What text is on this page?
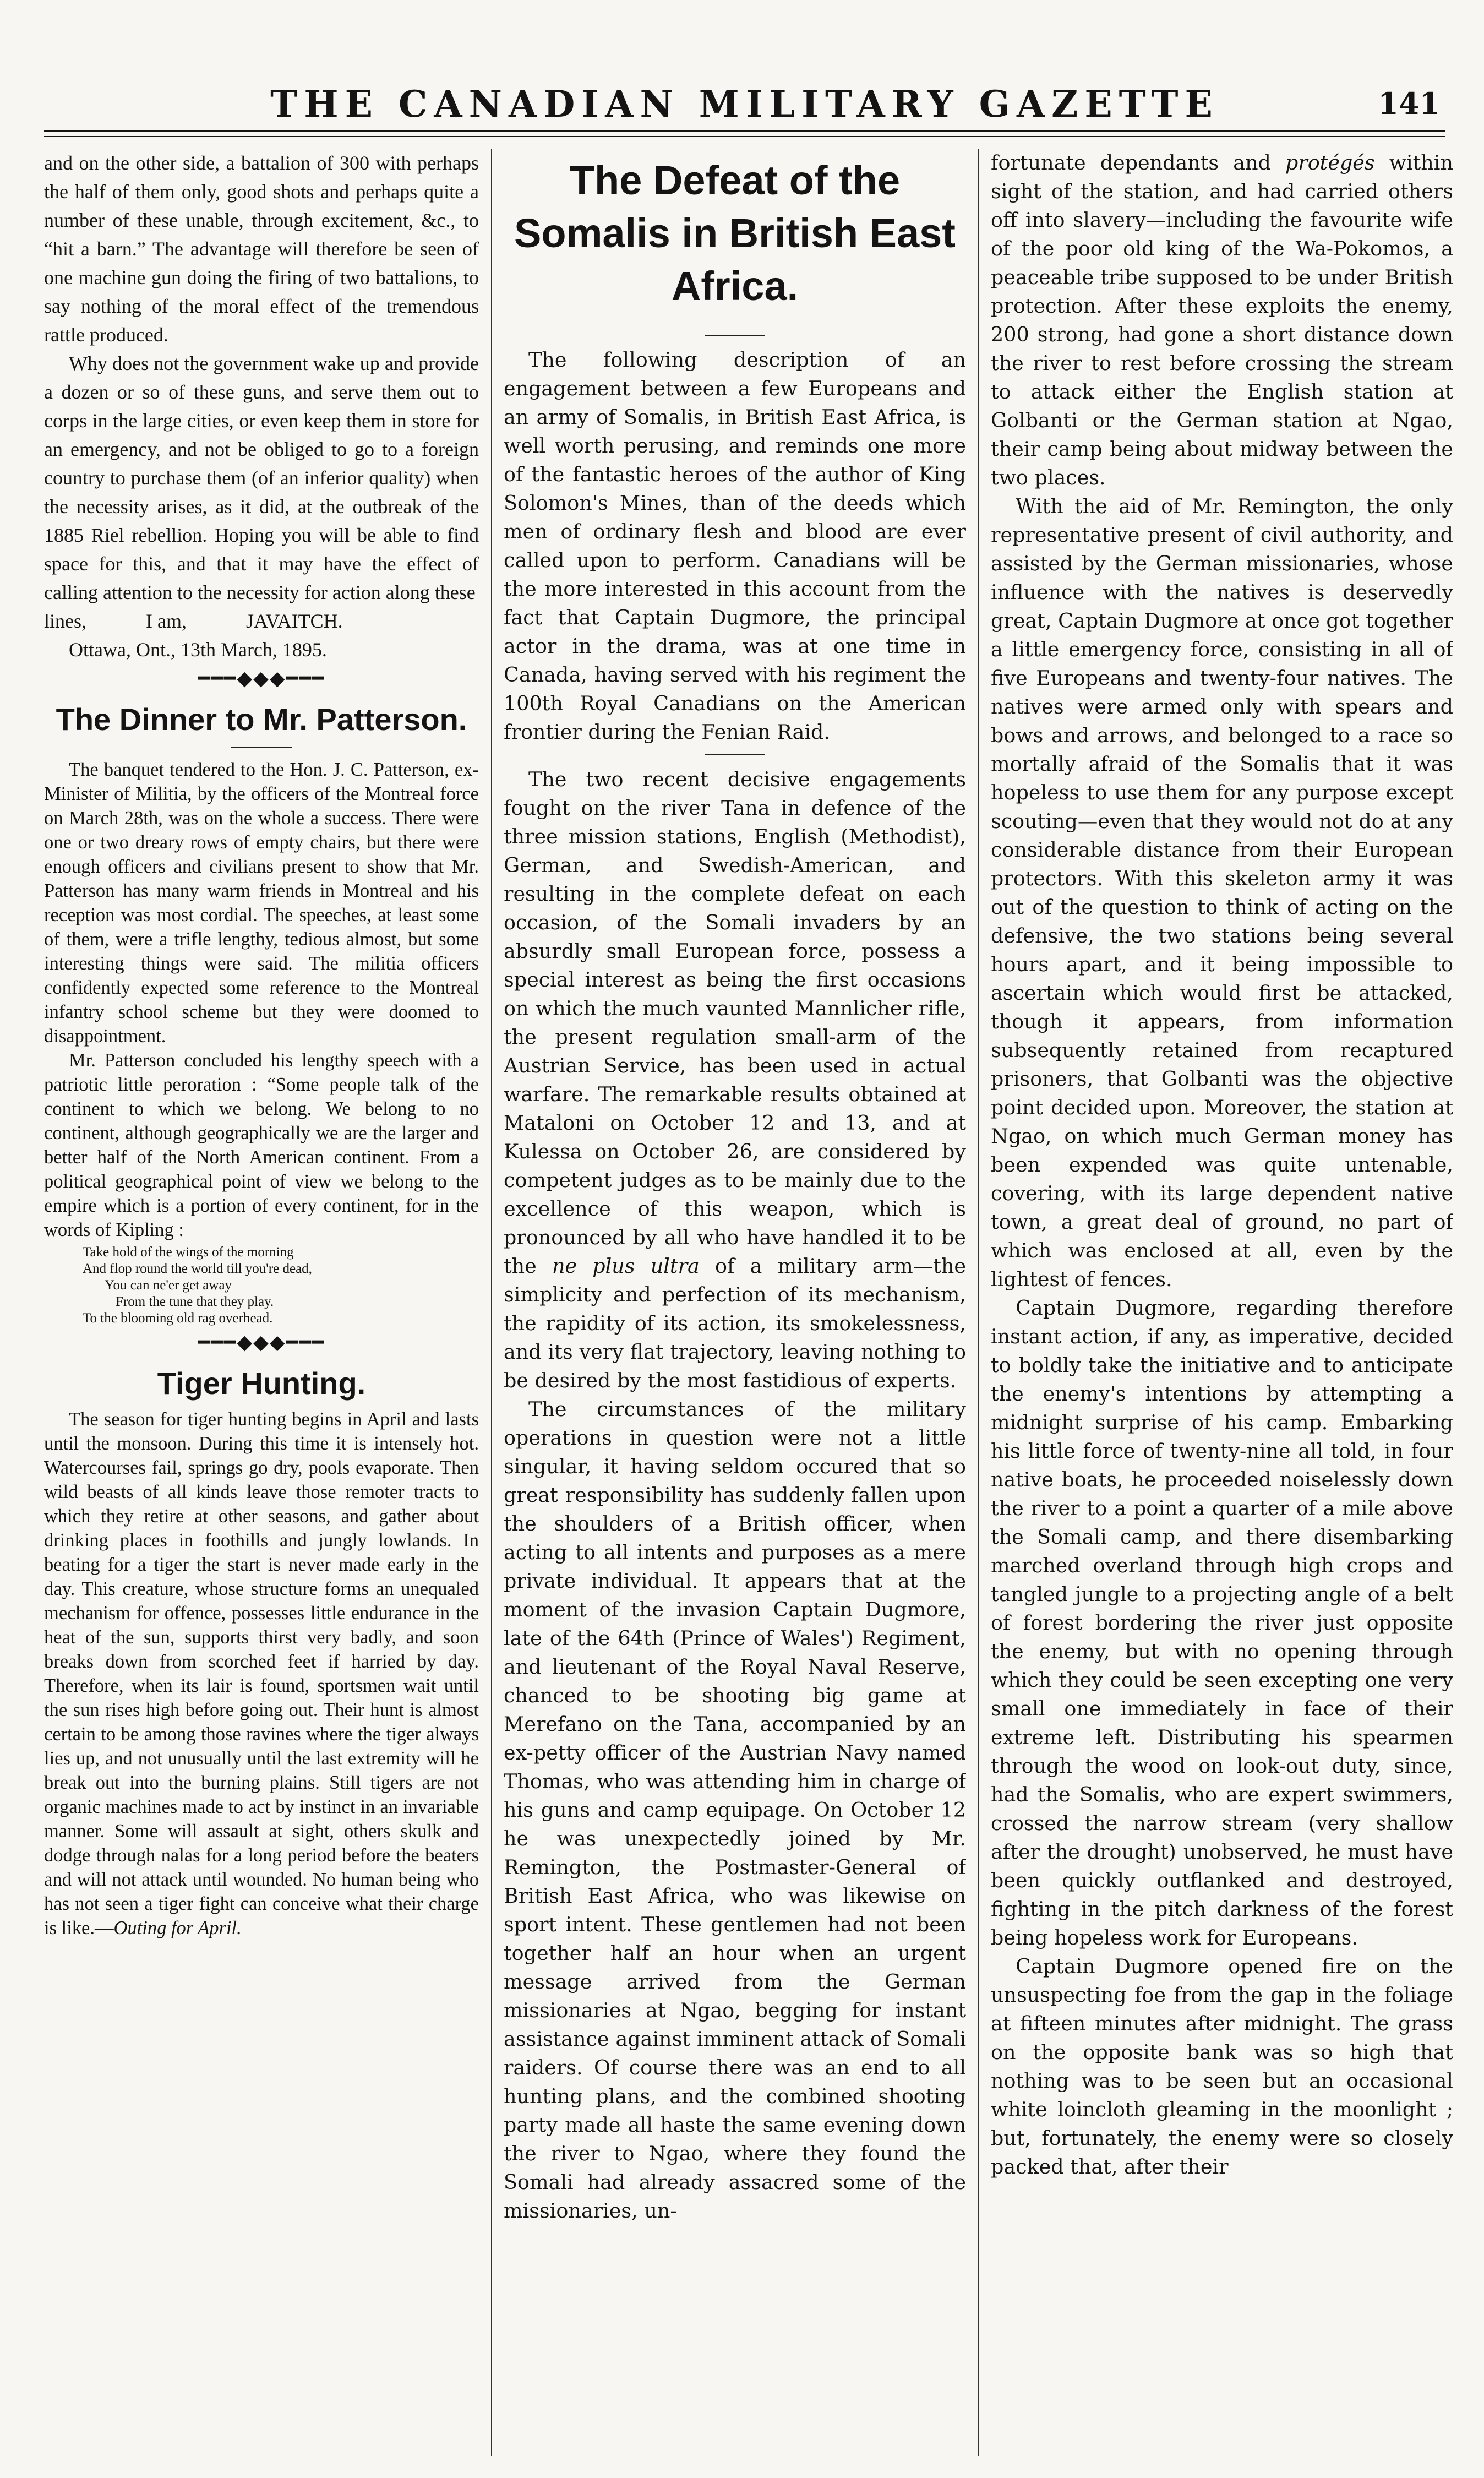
THE CANADIAN MILITARY GAZETTE	141

and on the other side, a battalion of 300 with perhaps the half of them only, good shots and perhaps quite a number of these unable, through excitement, &c., to “hit a barn.” The advantage will therefore be seen of one machine gun doing the firing of two battalions, to say nothing of the moral effect of the tremendous rattle produced.

Why does not the government wake up and provide a dozen or so of these guns, and serve them out to corps in the large cities, or even keep them in store for an emergency, and not be obliged to go to a foreign country to purchase them (of an inferior quality) when the necessity arises, as it did, at the outbreak of the 1885 Riel rebellion. Hoping you will be able to find space for this, and that it may have the effect of calling attention to the necessity for action along these

lines,            I am,            JAVAITCH.

Ottawa, Ont., 13th March, 1895.

━━━◆◆◆━━━
The Dinner to Mr. Patterson.

The banquet tendered to the Hon. J. C. Patterson, ex-Minister of Militia, by the officers of the Montreal force on March 28th, was on the whole a success. There were one or two dreary rows of empty chairs, but there were enough officers and civilians present to show that Mr. Patterson has many warm friends in Montreal and his reception was most cordial. The speeches, at least some of them, were a trifle lengthy, tedious almost, but some interesting things were said. The militia officers confidently expected some reference to the Montreal infantry school scheme but they were doomed to disappointment.

Mr. Patterson concluded his lengthy speech with a patriotic little peroration : “Some people talk of the continent to which we belong. We belong to no continent, although geographically we are the larger and better half of the North American continent. From a political geographical point of view we belong to the empire which is a portion of every continent, for in the words of Kipling :

Take hold of the wings of the morning
And flop round the world till you're dead,
You can ne'er get away
From the tune that they play.
To the blooming old rag overhead.
━━━◆◆◆━━━
Tiger Hunting.

The season for tiger hunting begins in April and lasts until the monsoon. During this time it is intensely hot. Watercourses fail, springs go dry, pools evaporate. Then wild beasts of all kinds leave those remoter tracts to which they retire at other seasons, and gather about drinking places in foothills and jungly lowlands. In beating for a tiger the start is never made early in the day. This creature, whose structure forms an unequaled mechanism for offence, possesses little endurance in the heat of the sun, supports thirst very badly, and soon breaks down from scorched feet if harried by day. Therefore, when its lair is found, sportsmen wait until the sun rises high before going out. Their hunt is almost certain to be among those ravines where the tiger always lies up, and not unusually until the last extremity will he break out into the burning plains. Still tigers are not organic machines made to act by instinct in an invariable manner. Some will assault at sight, others skulk and dodge through nalas for a long period before the beaters and will not attack until wounded. No human being who has not seen a tiger fight can conceive what their charge is like.—Outing for April.

The Defeat of the Somalis in British East Africa.

The following description of an engagement between a few Europeans and an army of Somalis, in British East Africa, is well worth perusing, and reminds one more of the fantastic heroes of the author of King Solomon's Mines, than of the deeds which men of ordinary flesh and blood are ever called upon to perform. Canadians will be the more interested in this account from the fact that Captain Dugmore, the principal actor in the drama, was at one time in Canada, having served with his regiment the 100th Royal Canadians on the American frontier during the Fenian Raid.

The two recent decisive engagements fought on the river Tana in defence of the three mission stations, English (Methodist), German, and Swedish-American, and resulting in the complete defeat on each occasion, of the Somali invaders by an absurdly small European force, possess a special interest as being the first occasions on which the much vaunted Mannlicher rifle, the present regulation small-arm of the Austrian Service, has been used in actual warfare. The remarkable results obtained at Mataloni on October 12 and 13, and at Kulessa on October 26, are considered by competent judges as to be mainly due to the excellence of this weapon, which is pronounced by all who have handled it to be the ne plus ultra of a military arm—the simplicity and perfection of its mechanism, the rapidity of its action, its smokelessness, and its very flat trajectory, leaving nothing to be desired by the most fastidious of experts.

The circumstances of the military operations in question were not a little singular, it having seldom occured that so great responsibility has suddenly fallen upon the shoulders of a British officer, when acting to all intents and purposes as a mere private individual. It appears that at the moment of the invasion Captain Dugmore, late of the 64th (Prince of Wales') Regiment, and lieutenant of the Royal Naval Reserve, chanced to be shooting big game at Merefano on the Tana, accompanied by an ex-petty officer of the Austrian Navy named Thomas, who was attending him in charge of his guns and camp equipage. On October 12 he was unexpectedly joined by Mr. Remington, the Postmaster-General of British East Africa, who was likewise on sport intent. These gentlemen had not been together half an hour when an urgent message arrived from the German missionaries at Ngao, begging for instant assistance against imminent attack of Somali raiders. Of course there was an end to all hunting plans, and the combined shooting party made all haste the same evening down the river to Ngao, where they found the Somali had already assacred some of the missionaries, un-

fortunate dependants and protégés within sight of the station, and had carried others off into slavery—including the favourite wife of the poor old king of the Wa-Pokomos, a peaceable tribe supposed to be under British protection. After these exploits the enemy, 200 strong, had gone a short distance down the river to rest before crossing the stream to attack either the English station at Golbanti or the German station at Ngao, their camp being about midway between the two places.

With the aid of Mr. Remington, the only representative present of civil authority, and assisted by the German missionaries, whose influence with the natives is deservedly great, Captain Dugmore at once got together a little emergency force, consisting in all of five Europeans and twenty-four natives. The natives were armed only with spears and bows and arrows, and belonged to a race so mortally afraid of the Somalis that it was hopeless to use them for any purpose except scouting—even that they would not do at any considerable distance from their European protectors. With this skeleton army it was out of the question to think of acting on the defensive, the two stations being several hours apart, and it being impossible to ascertain which would first be attacked, though it appears, from information subsequently retained from recaptured prisoners, that Golbanti was the objective point decided upon. Moreover, the station at Ngao, on which much German money has been expended was quite untenable, covering, with its large dependent native town, a great deal of ground, no part of which was enclosed at all, even by the lightest of fences.

Captain Dugmore, regarding therefore instant action, if any, as imperative, decided to boldly take the initiative and to anticipate the enemy's intentions by attempting a midnight surprise of his camp. Embarking his little force of twenty-nine all told, in four native boats, he proceeded noiselessly down the river to a point a quarter of a mile above the Somali camp, and there disembarking marched overland through high crops and tangled jungle to a projecting angle of a belt of forest bordering the river just opposite the enemy, but with no opening through which they could be seen excepting one very small one immediately in face of their extreme left. Distributing his spearmen through the wood on look-out duty, since, had the Somalis, who are expert swimmers, crossed the narrow stream (very shallow after the drought) unobserved, he must have been quickly outflanked and destroyed, fighting in the pitch darkness of the forest being hopeless work for Europeans.

Captain Dugmore opened fire on the unsuspecting foe from the gap in the foliage at fifteen minutes after midnight. The grass on the opposite bank was so high that nothing was to be seen but an occasional white loincloth gleaming in the moonlight ; but, fortunately, the enemy were so closely packed that, after their
